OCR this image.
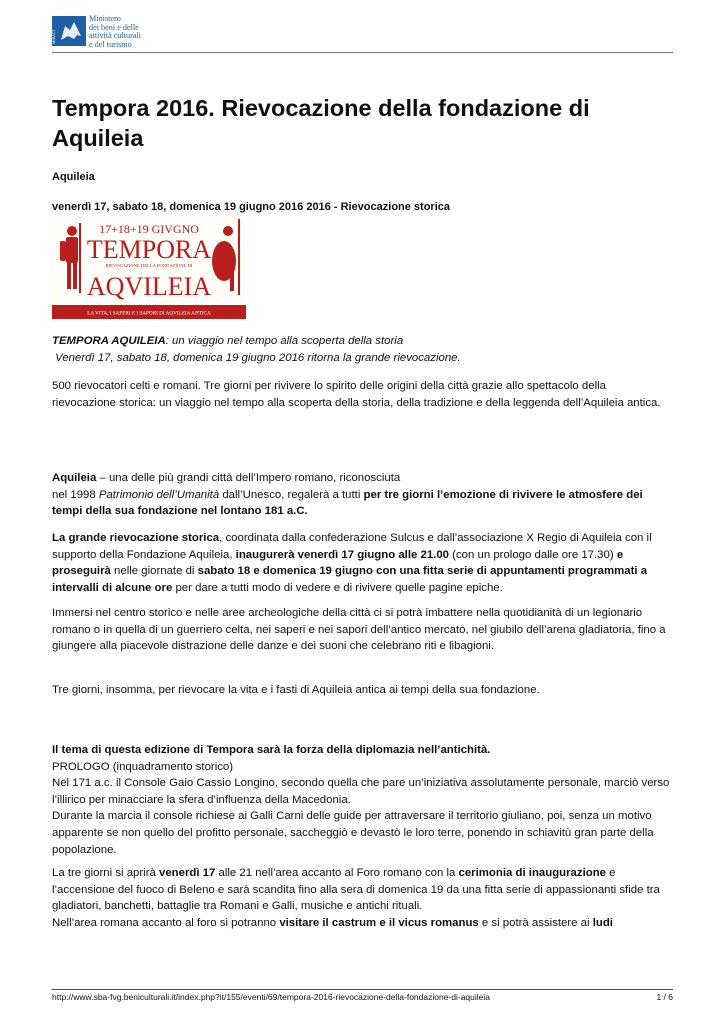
MIBACT
Ministero
dei beni e delle
attività culturali
e del turismo
Tempora 2016. Rievocazione della fondazione di Aquileia
Aquileia
venerdì 17, sabato 18, domenica 19 giugno 2016 2016 - Rievocazione storica
17+18+19 GIVGNO
TEMPORA
RIEVOCAZIONE DELLA FONDAZIONE DI
AQVILEIA
LA VITA, I SAPERI E I SAPORI DI AQVILEIA ANTICA
TEMPORA AQUILEIA: un viaggio nel tempo alla scoperta della storia
Venerdì 17, sabato 18, domenica 19 giugno 2016 ritorna la grande rievocazione.
500 rievocatori celti e romani. Tre giorni per rivivere lo spirito delle origini della città grazie allo spettacolo della rievocazione storica: un viaggio nel tempo alla scoperta della storia, della tradizione e della leggenda dell’Aquileia antica.
Aquileia – una delle più grandi città dell’Impero romano, riconosciuta
nel 1998 Patrimonio dell’Umanità dall’Unesco, regalerà a tutti per tre giorni l’emozione di rivivere le atmosfere dei tempi della sua fondazione nel lontano 181 a.C.
La grande rievocazione storica, coordinata dalla confederazione Sulcus e dall’associazione X Regio di Aquileia con il supporto della Fondazione Aquileia, inaugurerà venerdì 17 giugno alle 21.00 (con un prologo dalle ore 17.30) e proseguirà nelle giornate di sabato 18 e domenica 19 giugno con una fitta serie di appuntamenti programmati a intervalli di alcune ore per dare a tutti modo di vedere e di rivivere quelle pagine epiche.
Immersi nel centro storico e nelle aree archeologiche della città ci si potrà imbattere nella quotidianità di un legionario romano o in quella di un guerriero celta, nei saperi e nei sapori dell’antico mercato, nel giubilo dell’arena gladiatoria, fino a giungere alla piacevole distrazione delle danze e dei suoni che celebrano riti e libagioni.
Tre giorni, insomma, per rievocare la vita e i fasti di Aquileia antica ai tempi della sua fondazione.
Il tema di questa edizione di Tempora sarà la forza della diplomazia nell’antichità.
PROLOGO (inquadramento storico)
Nel 171 a.c. il Console Gaio Cassio Longino, secondo quella che pare un’iniziativa assolutamente personale, marciò verso l’illirico per minacciare la sfera d’influenza della Macedonia.
Durante la marcia il console richiese ai Galli Carni delle guide per attraversare il territorio giuliano, poi, senza un motivo apparente se non quello del profitto personale, saccheggiò e devastò le loro terre, ponendo in schiavitù gran parte della popolazione.
La tre giorni si aprirà venerdì 17 alle 21 nell’area accanto al Foro romano con la cerimonia di inaugurazione e l’accensione del fuoco di Beleno e sarà scandita fino alla sera di domenica 19 da una fitta serie di appassionanti sfide tra gladiatori, banchetti, battaglie tra Romani e Galli, musiche e antichi rituali.
Nell’area romana accanto al foro si potranno visitare il castrum e il vicus romanus e si potrà assistere ai ludi
http://www.sba-fvg.beniculturali.it/index.php?it/155/eventi/69/tempora-2016-rievocazione-della-fondazione-di-aquileia	1 / 6
